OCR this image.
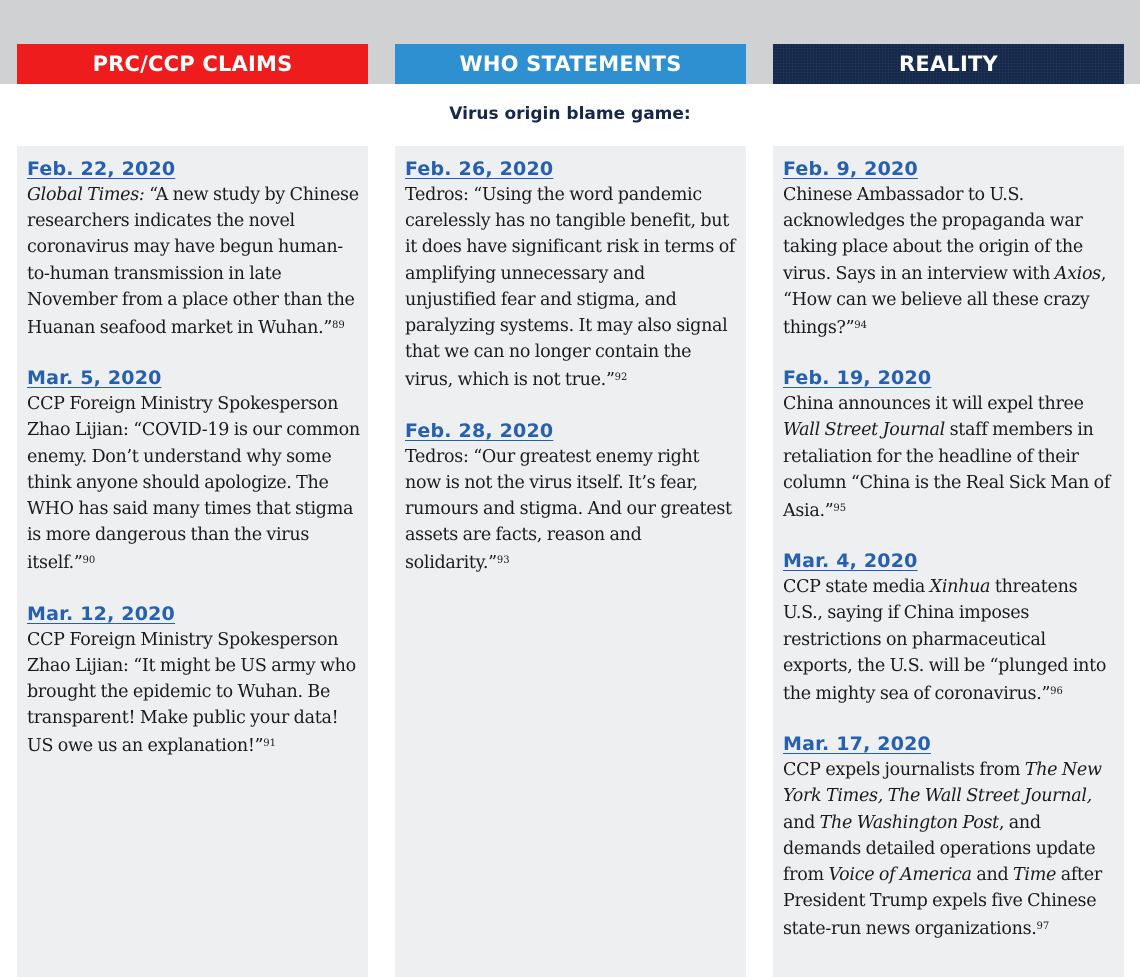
PRC/CCP CLAIMS	WHO STATEMENTS	REALITY
Virus origin blame game:
Feb. 22, 2020
Global Times: “A new study by Chinese researchers indicates the novel coronavirus may have begun human-to-human transmission in late November from a place other than the Huanan seafood market in Wuhan.”$^{89}$
Mar. 5, 2020
CCP Foreign Ministry Spokesperson Zhao Lijian: “COVID-19 is our common enemy. Don’t understand why some think anyone should apologize. The WHO has said many times that stigma is more dangerous than the virus itself.”$^{90}$
Mar. 12, 2020
CCP Foreign Ministry Spokesperson Zhao Lijian: “It might be US army who brought the epidemic to Wuhan. Be transparent! Make public your data! US owe us an explanation!”$^{91}$
Feb. 26, 2020
Tedros: “Using the word pandemic carelessly has no tangible benefit, but it does have significant risk in terms of amplifying unnecessary and unjustified fear and stigma, and paralyzing systems. It may also signal that we can no longer contain the virus, which is not true.”$^{92}$
Feb. 28, 2020
Tedros: “Our greatest enemy right now is not the virus itself. It’s fear, rumours and stigma. And our greatest assets are facts, reason and solidarity.”$^{93}$
Feb. 9, 2020
Chinese Ambassador to U.S. acknowledges the propaganda war taking place about the origin of the virus. Says in an interview with Axios, “How can we believe all these crazy things?”$^{94}$
Feb. 19, 2020
China announces it will expel three Wall Street Journal staff members in retaliation for the headline of their column “China is the Real Sick Man of Asia.”$^{95}$
Mar. 4, 2020
CCP state media Xinhua threatens U.S., saying if China imposes restrictions on pharmaceutical exports, the U.S. will be “plunged into the mighty sea of coronavirus.”$^{96}$
Mar. 17, 2020
CCP expels journalists from The New York Times, The Wall Street Journal, and The Washington Post, and demands detailed operations update from Voice of America and Time after President Trump expels five Chinese state-run news organizations.$^{97}$
